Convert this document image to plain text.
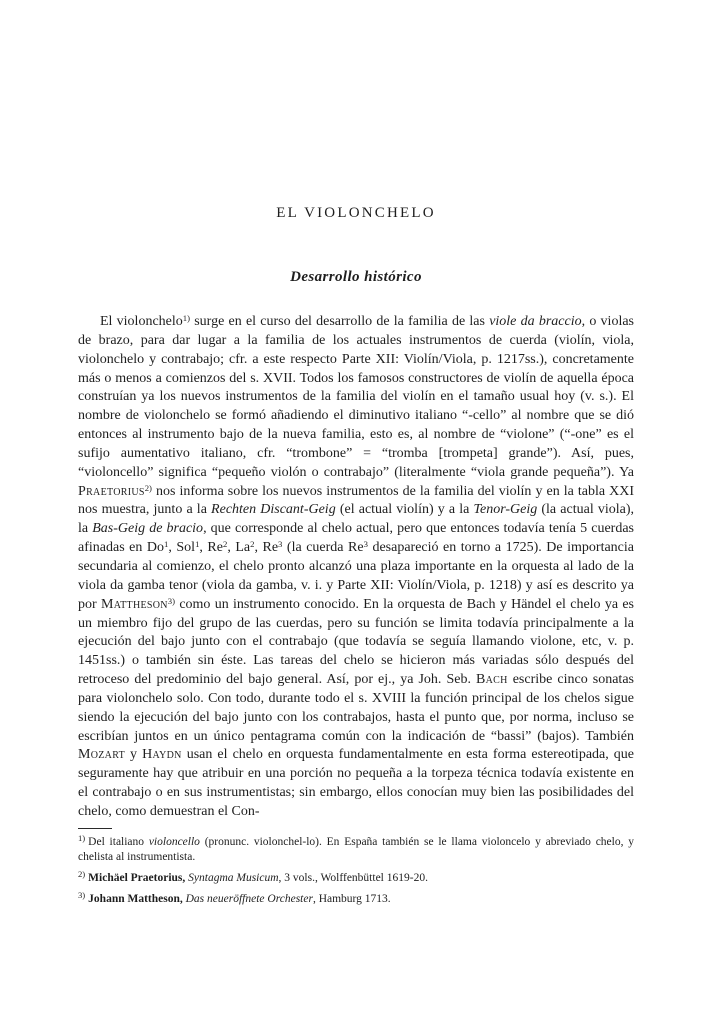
EL VIOLONCHELO
Desarrollo histórico

El violonchelo$^{1)}$ surge en el curso del desarrollo de la familia de las viole da braccio, o violas de brazo, para dar lugar a la familia de los actuales instrumentos de cuerda (violín, viola, violonchelo y contrabajo; cfr. a este respecto Parte XII: Violín/Viola, p. 1217ss.), concretamente más o menos a comienzos del s. XVII. Todos los famosos constructores de violín de aquella época construían ya los nuevos instrumentos de la familia del violín en el tamaño usual hoy (v. s.). El nombre de violonchelo se formó añadiendo el diminutivo italiano “-cello” al nombre que se dió entonces al instrumento bajo de la nueva familia, esto es, al nombre de “violone” (“-one” es el sufijo aumentativo italiano, cfr. “trombone” = “tromba [trompeta] grande”). Así, pues, “violoncello” significa “pequeño violón o contrabajo” (literalmente “viola grande pequeña”). Ya Praetorius$^{2)}$ nos informa sobre los nuevos instrumentos de la familia del violín y en la tabla XXI nos muestra, junto a la Rechten Discant-Geig (el actual violín) y a la Tenor-Geig (la actual viola), la Bas-Geig de bracio, que corresponde al chelo actual, pero que entonces todavía tenía 5 cuerdas afinadas en Do$^1$, Sol$^1$, Re$^2$, La$^2$, Re$^3$ (la cuerda Re$^3$ desapareció en torno a 1725). De importancia secundaria al comienzo, el chelo pronto alcanzó una plaza importante en la orquesta al lado de la viola da gamba tenor (viola da gamba, v. i. y Parte XII: Violín/Viola, p. 1218) y así es descrito ya por Mattheson$^{3)}$ como un instrumento conocido. En la orquesta de Bach y Händel el chelo ya es un miembro fijo del grupo de las cuerdas, pero su función se limita todavía principalmente a la ejecución del bajo junto con el contrabajo (que todavía se seguía llamando violone, etc, v. p. 1451ss.) o también sin éste. Las tareas del chelo se hicieron más variadas sólo después del retroceso del predominio del bajo general. Así, por ej., ya Joh. Seb. Bach escribe cinco sonatas para violonchelo solo. Con todo, durante todo el s. XVIII la función principal de los chelos sigue siendo la ejecución del bajo junto con los contrabajos, hasta el punto que, por norma, incluso se escribían juntos en un único pentagrama común con la indicación de “bassi” (bajos). También Mozart y Haydn usan el chelo en orquesta fundamentalmente en esta forma estereotipada, que seguramente hay que atribuir en una porción no pequeña a la torpeza técnica todavía existente en el contrabajo o en sus instrumentistas; sin embargo, ellos conocían muy bien las posibilidades del chelo, como demuestran el Con-

$^{1)}$ Del italiano violoncello (pronunc. violonchel-lo). En España también se le llama violoncelo y abreviado chelo, y chelista al instrumentista.
$^{2)}$ Michäel Praetorius, Syntagma Musicum, 3 vols., Wolffenbüttel 1619-20.
$^{3)}$ Johann Mattheson, Das neueröffnete Orchester, Hamburg 1713.
